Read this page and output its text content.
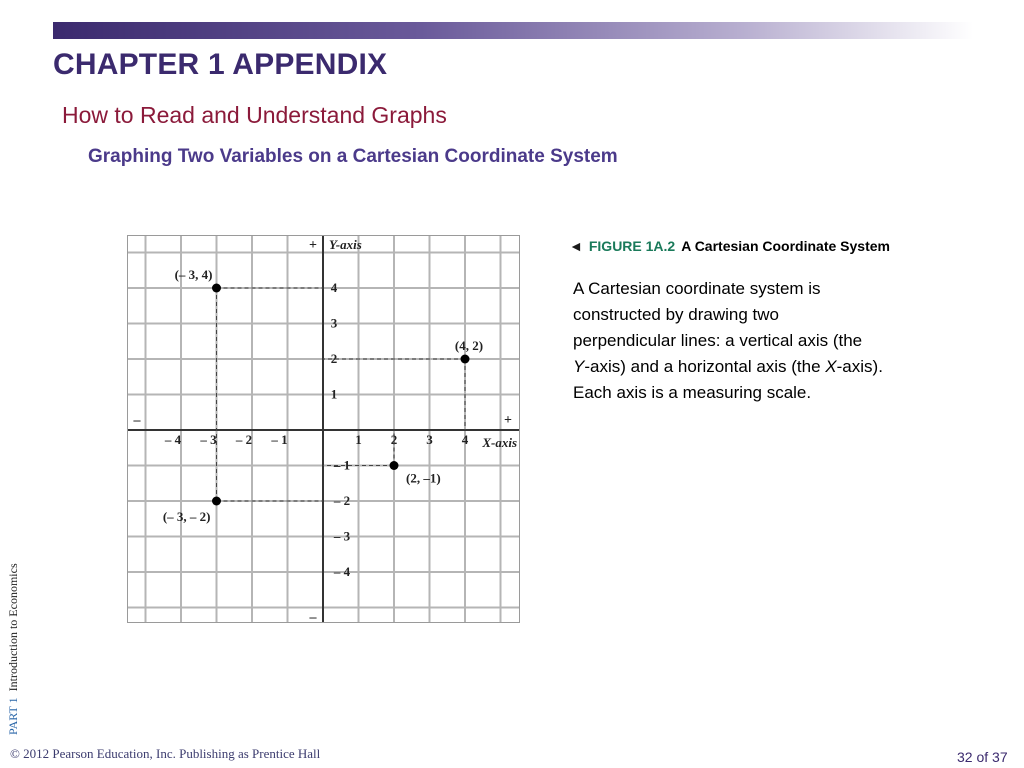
CHAPTER 1 APPENDIX
How to Read and Understand Graphs
Graphing Two Variables on a Cartesian Coordinate System
– 4 – 3 – 2 – 1	1 2 3 4
4
3
2
1
– 1
– 2
– 3
– 4
Y-axis
X-axis
+
–
–	+
(– 3, 4)
(4, 2)
(2, –1)
(– 3, – 2)
◄ FIGURE 1A.2 A Cartesian Coordinate System
A Cartesian coordinate system is constructed by drawing two perpendicular lines: a vertical axis (the Y-axis) and a horizontal axis (the X-axis). Each axis is a measuring scale.
PART 1  Introduction to Economics
© 2012 Pearson Education, Inc. Publishing as Prentice Hall	32 of 37
